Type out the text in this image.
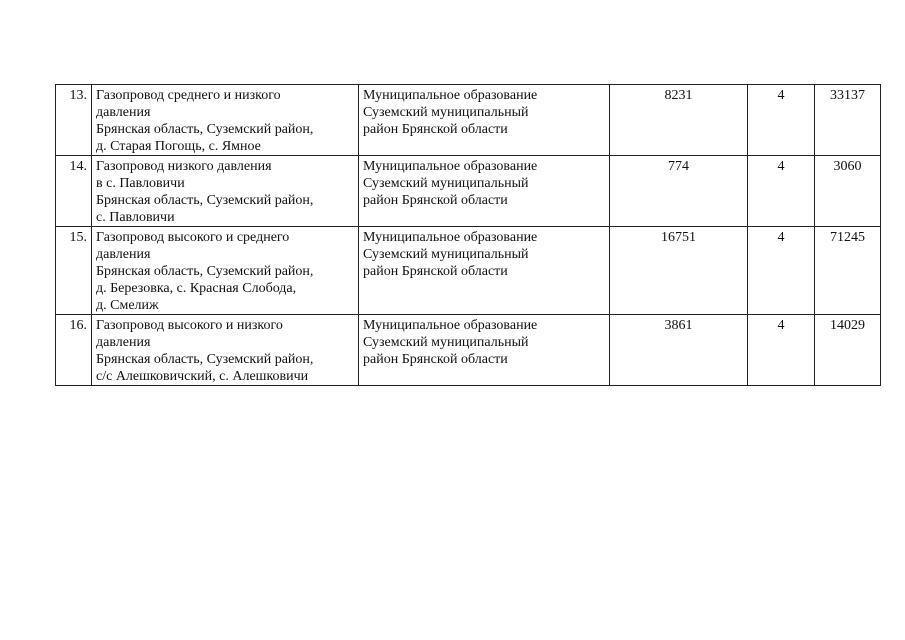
13.	Газопровод среднего и низкого
давления
Брянская область, Суземский район,
д. Старая Погощь, с. Ямное	Муниципальное образование
Суземский муниципальный
район Брянской области	8231	4	33137
14.	Газопровод низкого давления
в с. Павловичи
Брянская область, Суземский район,
с. Павловичи	Муниципальное образование
Суземский муниципальный
район Брянской области	774	4	3060
15.	Газопровод высокого и среднего
давления
Брянская область, Суземский район,
д. Березовка, с. Красная Слобода,
д. Смелиж	Муниципальное образование
Суземский муниципальный
район Брянской области	16751	4	71245
16.	Газопровод высокого и низкого
давления
Брянская область, Суземский район,
с/с Алешковичский, с. Алешковичи	Муниципальное образование
Суземский муниципальный
район Брянской области	3861	4	14029
